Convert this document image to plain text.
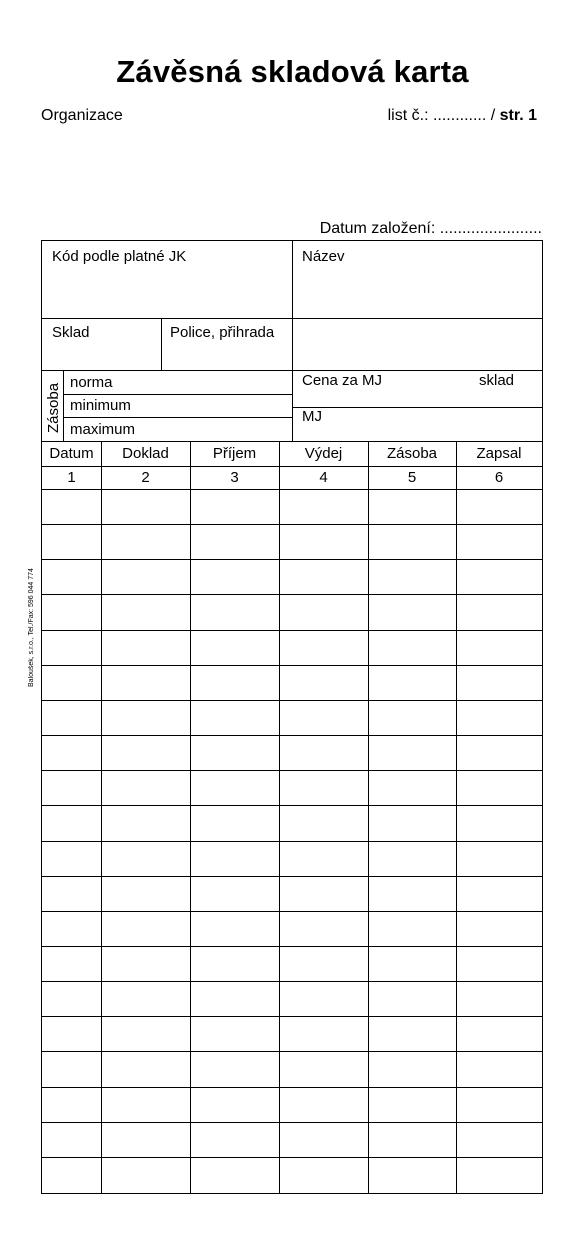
Závěsná skladová karta
Organizace	list č.: ............ / str. 1
Datum založení: .......................
Baloušek, s.r.o., Tel./Fax: 596 044 774
Kód podle platné JK	Název
Sklad	Police, přihrada
Zásoba
norma
minimum
maximum
Cena za MJ	sklad
MJ
Datum	Doklad	Příjem	Výdej	Zásoba	Zapsal
1	2	3	4	5	6
